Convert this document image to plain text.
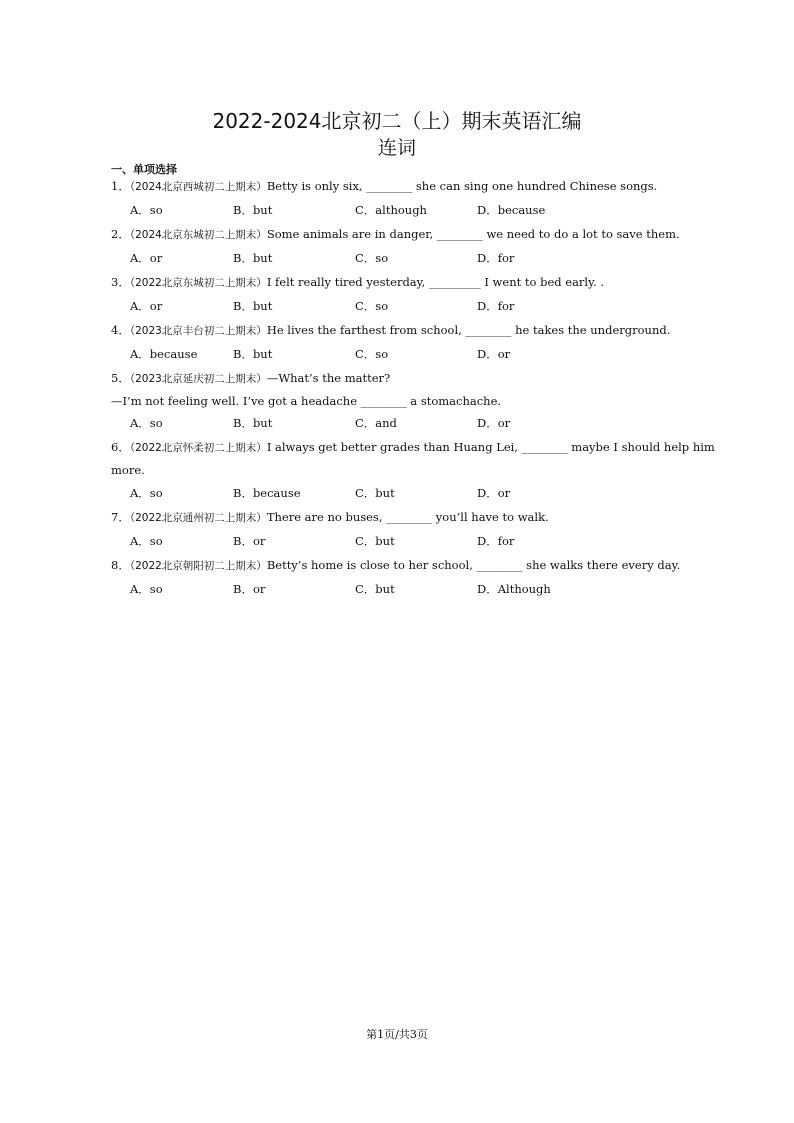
2022-2024北京初二（上）期末英语汇编
连词
一、单项选择
1．（2024北京西城初二上期末）Betty is only six, ________ she can sing one hundred Chinese songs.
A．so	B．but	C．although	D．because
2．（2024北京东城初二上期末）Some animals are in danger, ________ we need to do a lot to save them.
A．or	B．but	C．so	D．for
3．（2022北京东城初二上期末）I felt really tired yesterday, _________ I went to bed early. .
A．or	B．but	C．so	D．for
4．（2023北京丰台初二上期末）He lives the farthest from school, ________ he takes the underground.
A．because	B．but	C．so	D．or
5．（2023北京延庆初二上期末）—What’s the matter?
—I’m not feeling well. I’ve got a headache ________ a stomachache.
A．so	B．but	C．and	D．or
6．（2022北京怀柔初二上期末）I always get better grades than Huang Lei, ________ maybe I should help him
more.
A．so	B．because	C．but	D．or
7．（2022北京通州初二上期末）There are no buses, ________ you’ll have to walk.
A．so	B．or	C．but	D．for
8．（2022北京朝阳初二上期末）Betty’s home is close to her school, ________ she walks there every day.
A．so	B．or	C．but	D．Although
第1页/共3页
